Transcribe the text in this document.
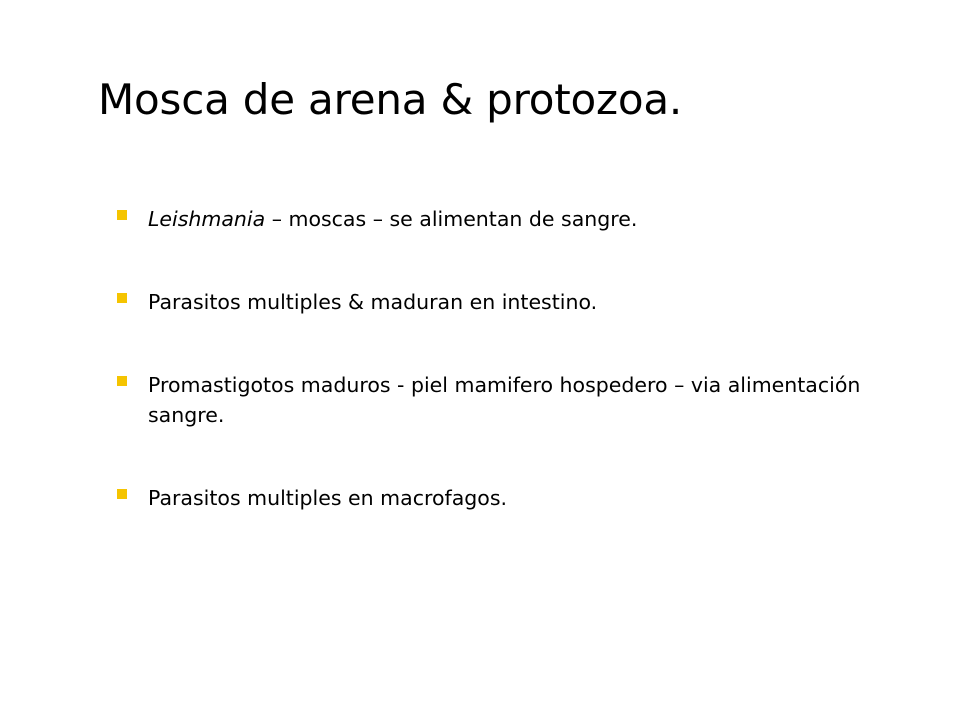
Mosca de arena & protozoa.
Leishmania – moscas – se alimentan de sangre.
Parasitos multiples & maduran en intestino.
Promastigotos maduros - piel mamifero hospedero – via alimentación sangre.
Parasitos multiples en macrofagos.
